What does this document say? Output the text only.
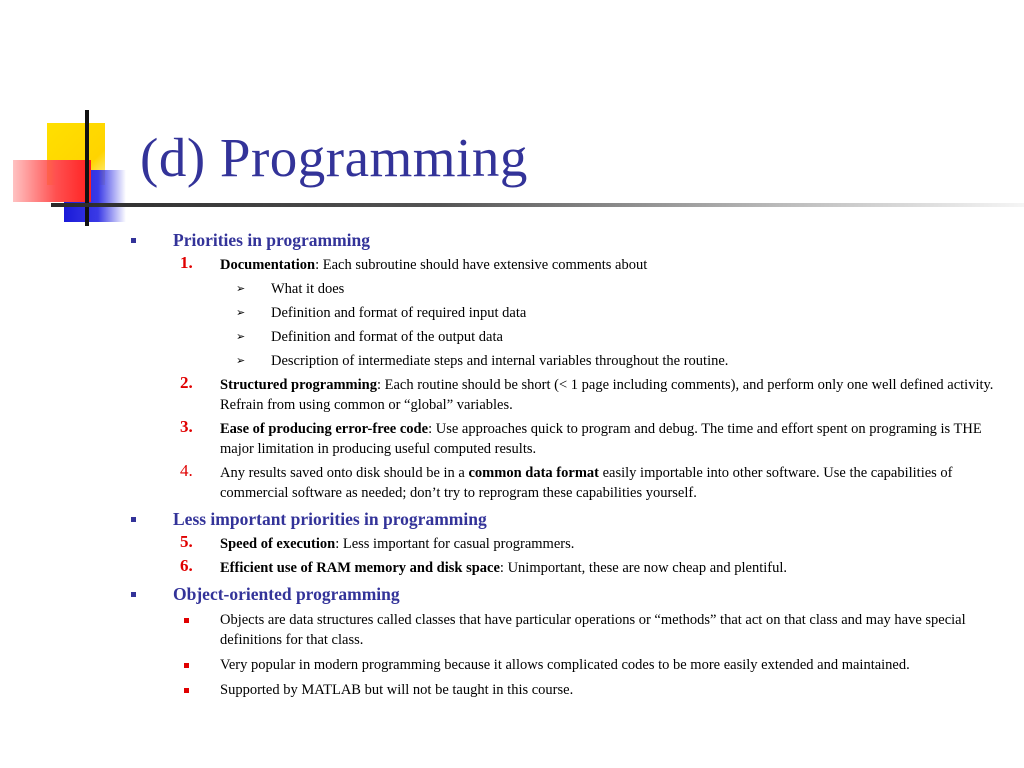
(d) Programming
Priorities in programming
1.	Documentation: Each subroutine should have extensive comments about
➢ What it does
➢ Definition and format of required input data
➢ Definition and format of the output data
➢ Description of intermediate steps and internal variables throughout the routine.
2.	Structured programming: Each routine should be short (< 1 page including comments), and perform only one well defined activity. Refrain from using common or “global” variables.
3.	Ease of producing error-free code: Use approaches quick to program and debug. The time and effort spent on programing is THE major limitation in producing useful computed results.
4.	Any results saved onto disk should be in a common data format easily importable into other software. Use the capabilities of commercial software as needed; don’t try to reprogram these capabilities yourself.
Less important priorities in programming
5.	Speed of execution: Less important for casual programmers.
6.	Efficient use of RAM memory and disk space: Unimportant, these are now cheap and plentiful.
Object-oriented programming
Objects are data structures called classes that have particular operations or “methods” that act on that class and may have special definitions for that class.
Very popular in modern programming because it allows complicated codes to be more easily extended and maintained.
Supported by MATLAB but will not be taught in this course.
